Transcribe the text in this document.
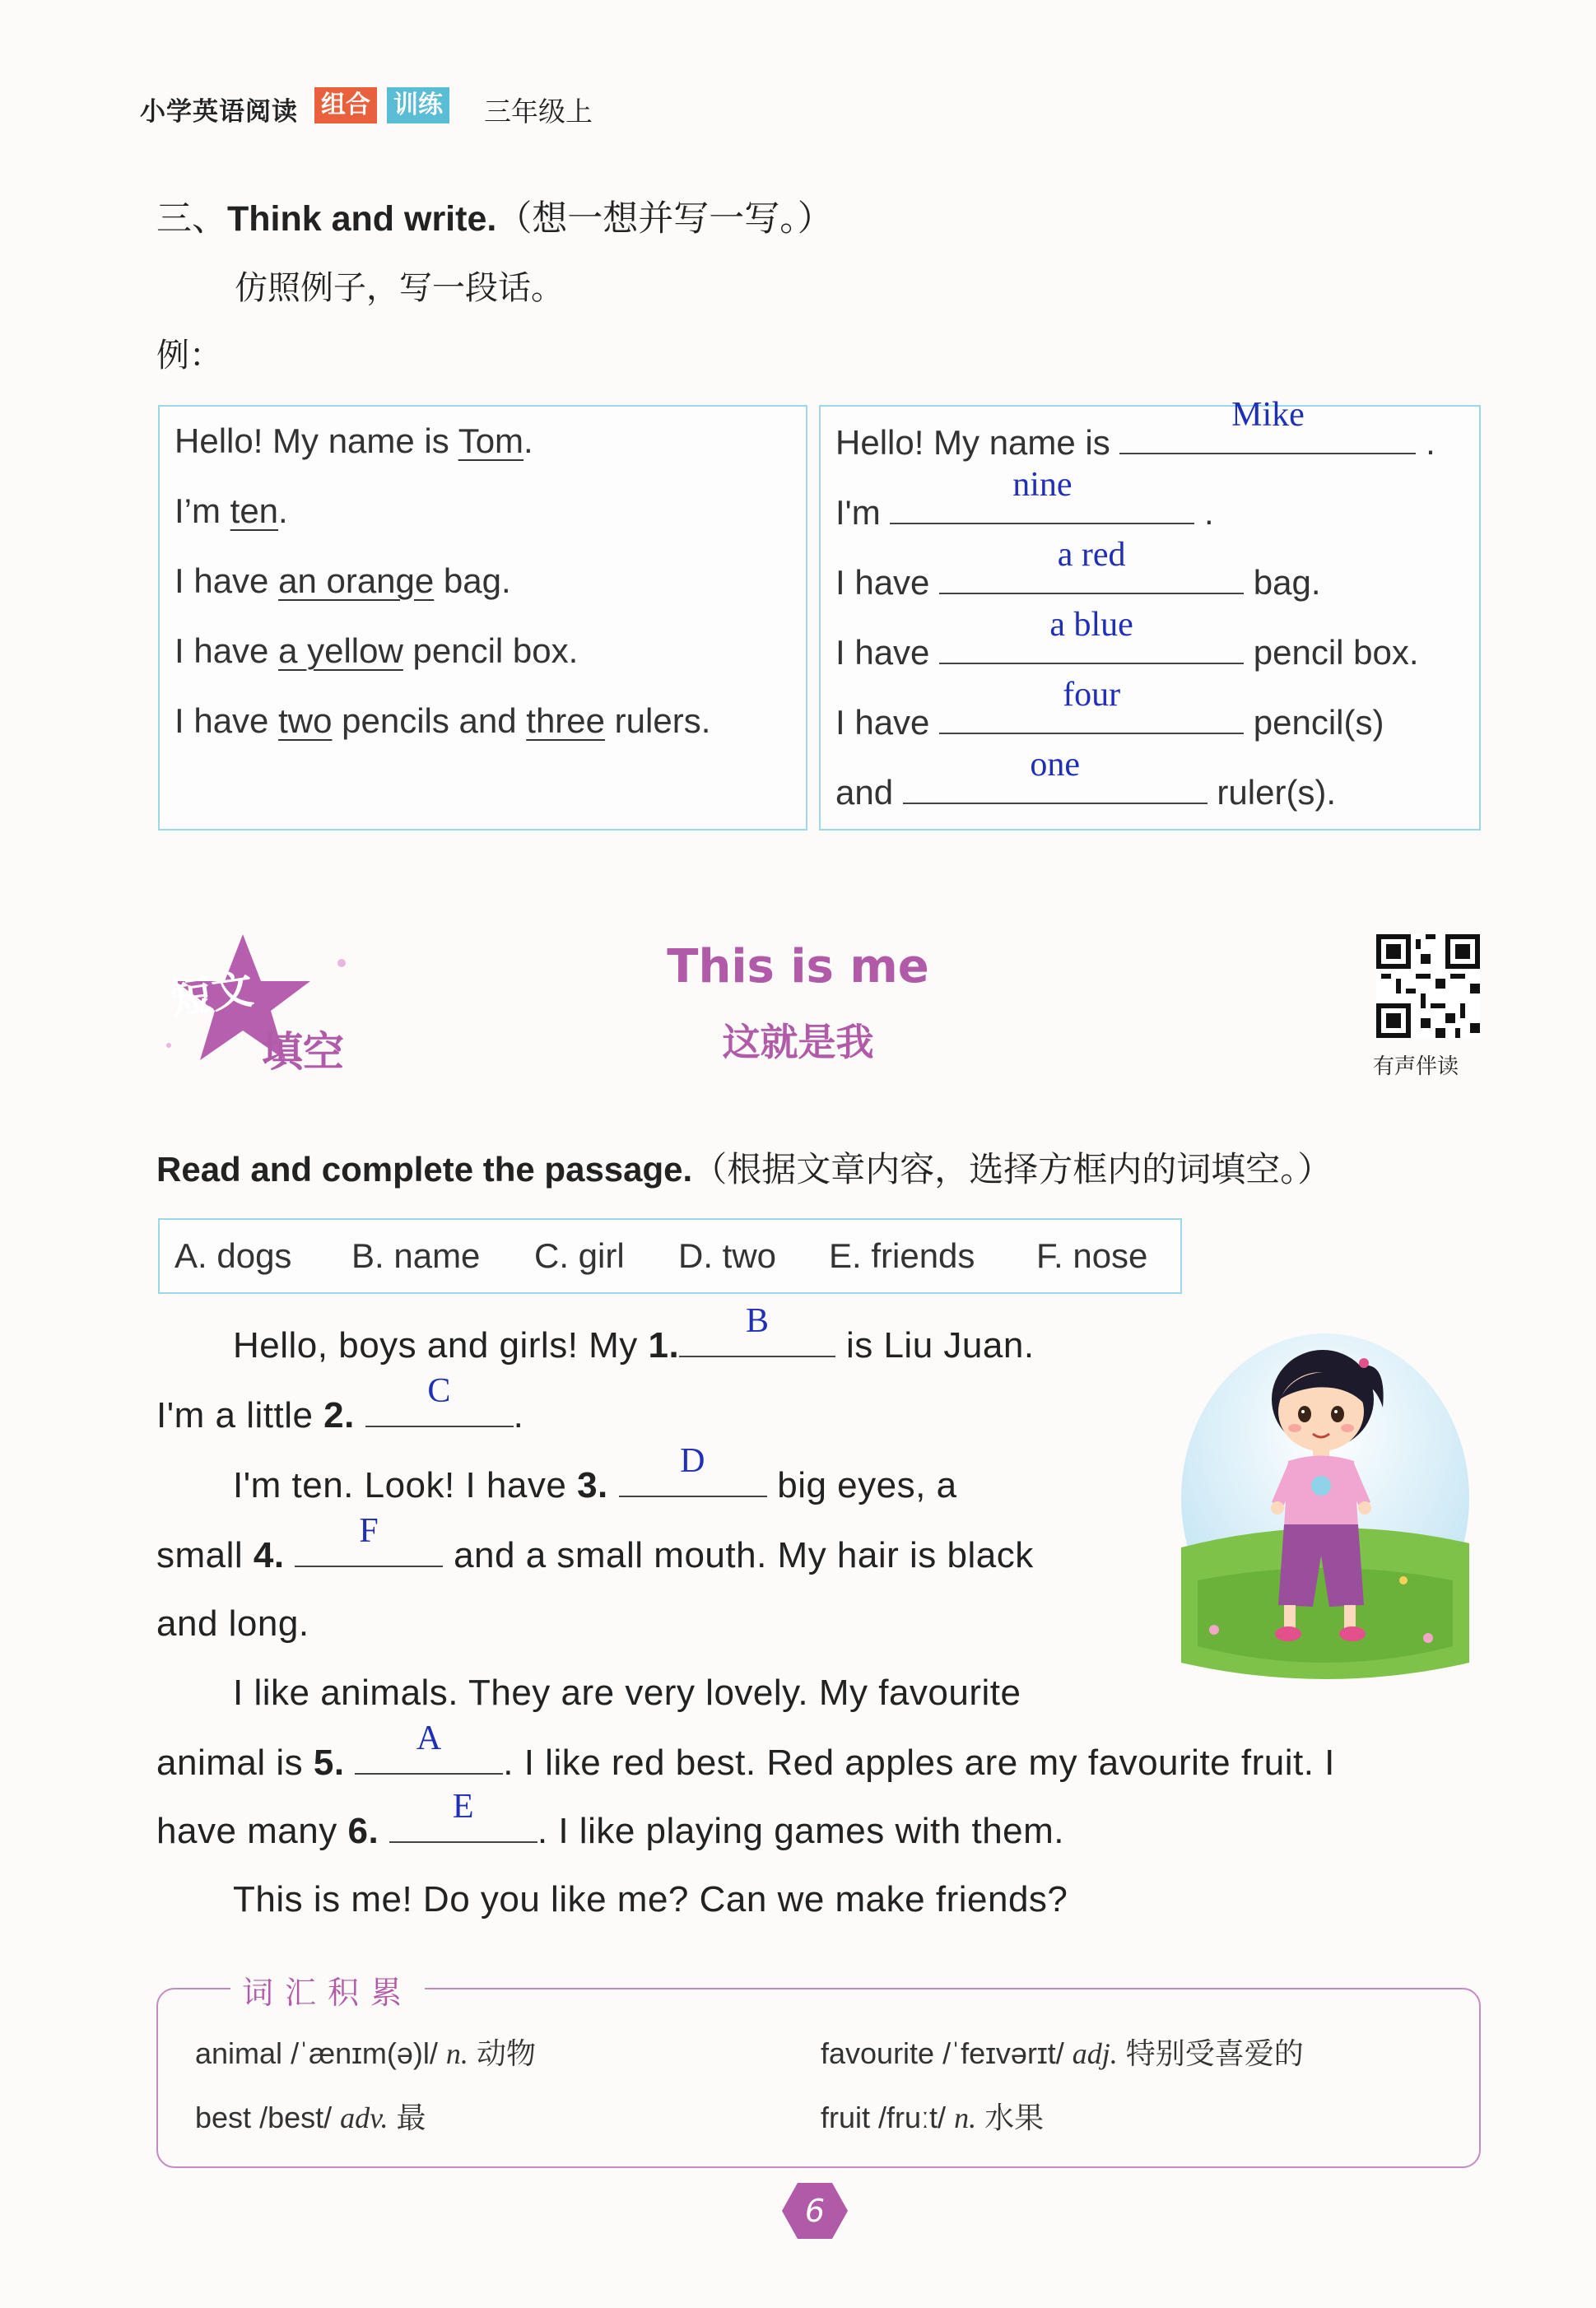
小学英语阅读 组合 训练 三年级上
三、Think and write.（想一想并写一写。）
仿照例子，写一段话。
例：
Hello! My name is Tom.
I’m ten.
I have an orange bag.
I have a yellow pencil box.
I have two pencils and three rulers.
Hello! My name is
Mike
.
I'm
nine
.
I have
a red
bag.
I have
a blue
pencil box.
I have
four
pencil(s)
and
one
ruler(s).
短文
填空
This is me
这就是我
有声伴读
Read and complete the passage.（根据文章内容，选择方框内的词填空。）
A. dogs B. name C. girl D. two E. friends F. nose
Hello, boys and girls! My 1.
B
is Liu Juan.
I'm a little 2.
C
.
I'm ten. Look! I have 3.
D
big eyes, a
small 4.
F
and a small mouth. My hair is black
and long.
I like animals. They are very lovely. My favourite
animal is 5.
A
. I like red best. Red apples are my favourite fruit. I
have many 6.
E
. I like playing games with them.
This is me! Do you like me? Can we make friends?
animal /ˈænɪm(ə)l/ n. 动物	favourite /ˈfeɪvərɪt/ adj. 特别受喜爱的
best /best/ adv. 最	fruit /fruːt/ n. 水果
词汇积累
6
